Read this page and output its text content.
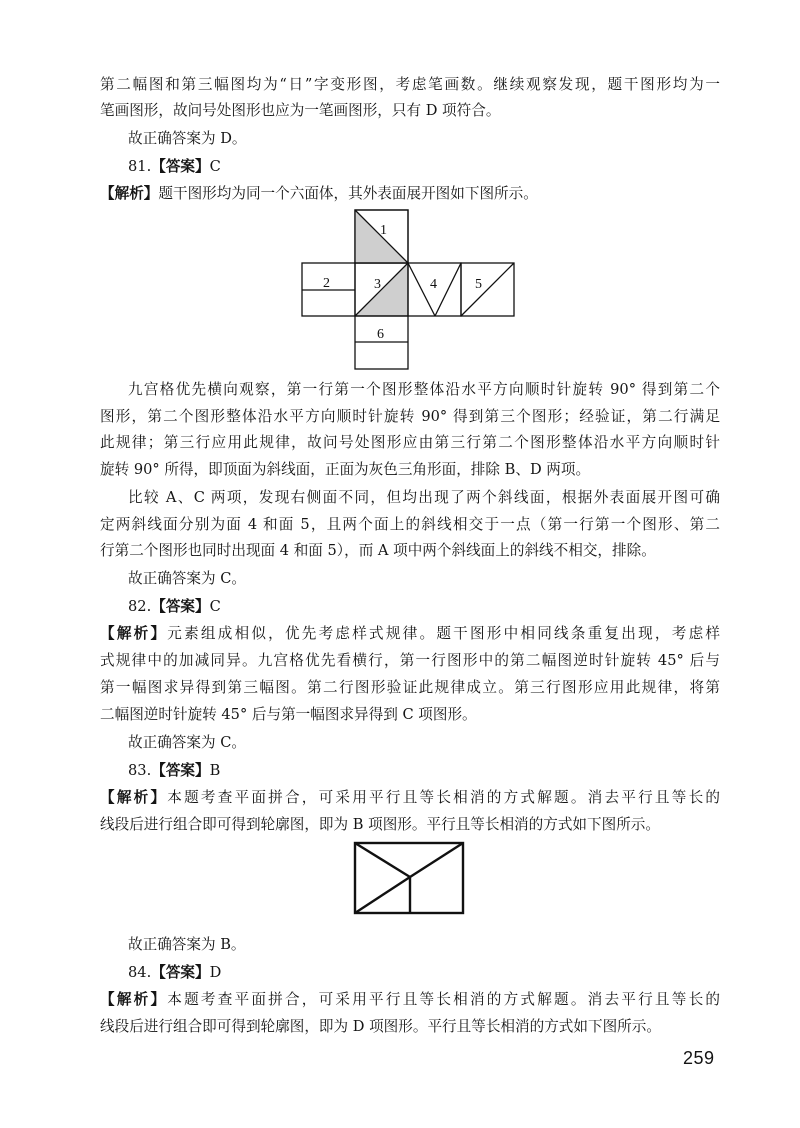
第二幅图和第三幅图均为“日”字变形图，考虑笔画数。继续观察发现，题干图形均为一
笔画图形，故问号处图形也应为一笔画图形，只有 D 项符合。
故正确答案为 D。
81.【答案】C
【解析】题干图形均为同一个六面体，其外表面展开图如下图所示。
1
2	3	4	5
6
九宫格优先横向观察，第一行第一个图形整体沿水平方向顺时针旋转 90° 得到第二个
图形，第二个图形整体沿水平方向顺时针旋转 90° 得到第三个图形；经验证，第二行满足
此规律；第三行应用此规律，故问号处图形应由第三行第二个图形整体沿水平方向顺时针
旋转 90° 所得，即顶面为斜线面，正面为灰色三角形面，排除 B、D 两项。
比较 A、C 两项，发现右侧面不同，但均出现了两个斜线面，根据外表面展开图可确
定两斜线面分别为面 4 和面 5，且两个面上的斜线相交于一点（第一行第一个图形、第二
行第二个图形也同时出现面 4 和面 5），而 A 项中两个斜线面上的斜线不相交，排除。
故正确答案为 C。
82.【答案】C
【解析】元素组成相似，优先考虑样式规律。题干图形中相同线条重复出现，考虑样
式规律中的加减同异。九宫格优先看横行，第一行图形中的第二幅图逆时针旋转 45° 后与
第一幅图求异得到第三幅图。第二行图形验证此规律成立。第三行图形应用此规律，将第
二幅图逆时针旋转 45° 后与第一幅图求异得到 C 项图形。
故正确答案为 C。
83.【答案】B
【解析】本题考查平面拼合，可采用平行且等长相消的方式解题。消去平行且等长的
线段后进行组合即可得到轮廓图，即为 B 项图形。平行且等长相消的方式如下图所示。
故正确答案为 B。
84.【答案】D
【解析】本题考查平面拼合，可采用平行且等长相消的方式解题。消去平行且等长的
线段后进行组合即可得到轮廓图，即为 D 项图形。平行且等长相消的方式如下图所示。
259
